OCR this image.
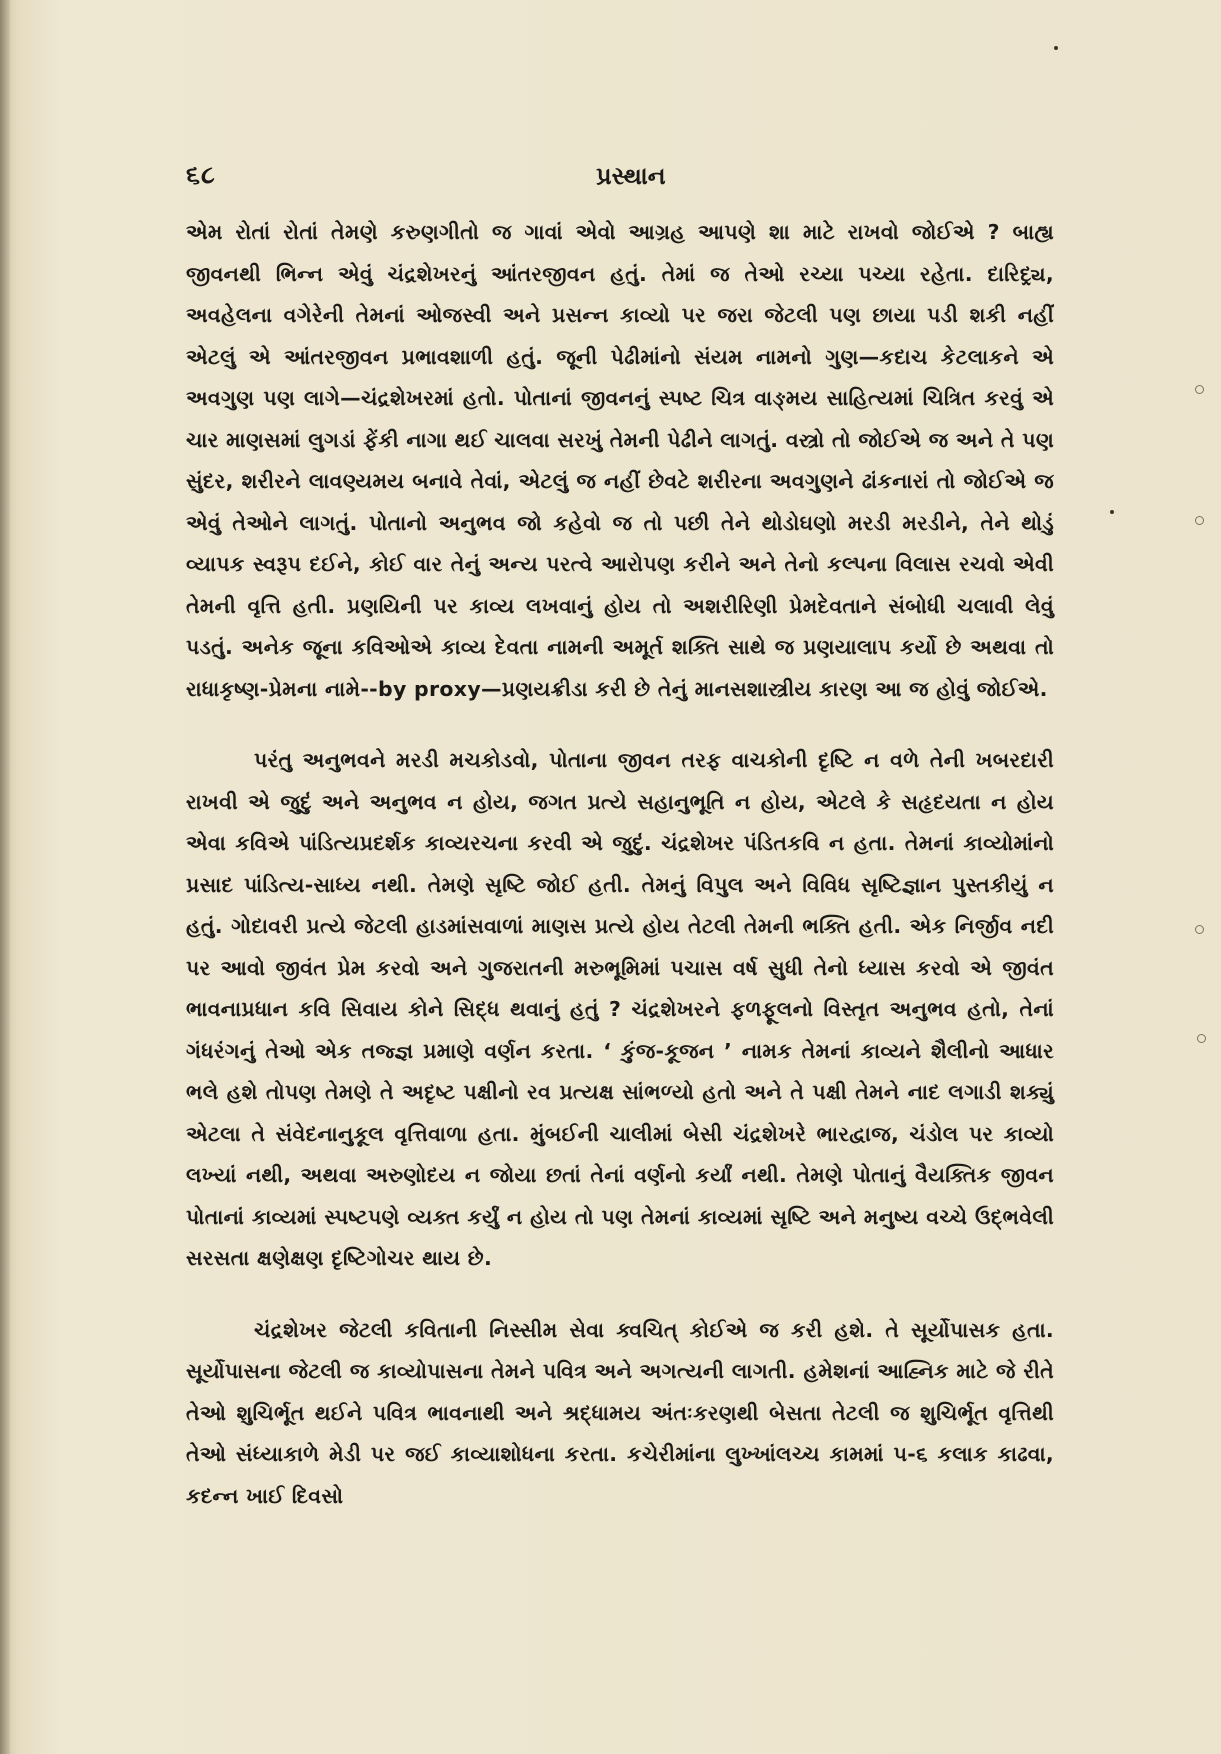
૬૮	પ્રસ્થાન

એમ રોતાં રોતાં તેમણે કરુણગીતો જ ગાવાં એવો આગ્રહ આપણે શા માટે રાખવો જોઈએ ? બાહ્ય જીવનથી ભિન્ન એવું ચંદ્રશેખરનું આંતરજીવન હતું. તેમાં જ તેઓ રચ્યા પચ્યા રહેતા. દારિદ્ર્ય, અવહેલના વગેરેની તેમનાં ઓજસ્વી અને પ્રસન્ન કાવ્યો પર જરા જેટલી પણ છાયા પડી શકી નહીં એટલું એ આંતરજીવન પ્રભાવશાળી હતું. જૂની પેઢીમાંનો સંયમ નામનો ગુણ—કદાચ કેટલાકને એ અવગુણ પણ લાગે—ચંદ્રશેખરમાં હતો. પોતાનાં જીવનનું સ્પષ્ટ ચિત્ર વાઙ્‌મય સાહિત્યમાં ચિત્રિત કરવું એ ચાર માણસમાં લુગડાં ફેંકી નાગા થઈ ચાલવા સરખું તેમની પેઢીને લાગતું. વસ્ત્રો તો જોઈએ જ અને તે પણ સુંદર, શરીરને લાવણ્યમય બનાવે તેવાં, એટલું જ નહીં છેવટે શરીરના અવગુણને ઢાંકનારાં તો જોઈએ જ એવું તેઓને લાગતું. પોતાનો અનુભવ જો કહેવો જ તો પછી તેને થોડોઘણો મરડી મરડીને, તેને થોડું વ્યાપક સ્વરૂપ દઈને, કોઈ વાર તેનું અન્ય પરત્વે આરોપણ કરીને અને તેનો કલ્પના વિલાસ રચવો એવી તેમની વૃત્તિ હતી. પ્રણયિની પર કાવ્ય લખવાનું હોય તો અશરીરિણી પ્રેમદેવતાને સંબોધી ચલાવી લેવું પડતું. અનેક જૂના કવિઓએ કાવ્ય દેવતા નામની અમૂર્ત શક્તિ સાથે જ પ્રણયાલાપ કર્યો છે અથવા તો રાધાકૃષ્ણ-પ્રેમના નામે--by proxy—પ્રણયક્રીડા કરી છે તેનું માનસશાસ્ત્રીય કારણ આ જ હોવું જોઈએ.

પરંતુ અનુભવને મરડી મચકોડવો, પોતાના જીવન તરફ વાચકોની દૃષ્ટિ ન વળે તેની ખબરદારી રાખવી એ જુદું અને અનુભવ ન હોય, જગત પ્રત્યે સહાનુભૂતિ ન હોય, એટલે કે સહૃદયતા ન હોય એવા કવિએ પાંડિત્યપ્રદર્શક કાવ્યરચના કરવી એ જુદું. ચંદ્રશેખર પંડિતકવિ ન હતા. તેમનાં કાવ્યોમાંનો પ્રસાદ પાંડિત્ય-સાધ્ય નથી. તેમણે સૃષ્ટિ જોઈ હતી. તેમનું વિપુલ અને વિવિધ સૃષ્ટિજ્ઞાન પુસ્તકીયું ન હતું. ગોદાવરી પ્રત્યે જેટલી હાડમાંસવાળાં માણસ પ્રત્યે હોય તેટલી તેમની ભક્તિ હતી. એક નિર્જીવ નદી પર આવો જીવંત પ્રેમ કરવો અને ગુજરાતની મરુભૂમિમાં પચાસ વર્ષ સુધી તેનો ધ્યાસ કરવો એ જીવંત ભાવનાપ્રધાન કવિ સિવાય કોને સિદ્ધ થવાનું હતું ? ચંદ્રશેખરને ફળફૂલનો વિસ્તૃત અનુભવ હતો, તેનાં ગંધરંગનું તેઓ એક તજ્જ્ઞ પ્રમાણે વર્ણન કરતા. ‘ કુંજ-કૂજન ’ નામક તેમનાં કાવ્યને શૈલીનો આધાર ભલે હશે તોપણ તેમણે તે અદૃષ્ટ પક્ષીનો રવ પ્રત્યક્ષ સાંભળ્યો હતો અને તે પક્ષી તેમને નાદ લગાડી શક્યું એટલા તે સંવેદનાનુકૂલ વૃત્તિવાળા હતા. મુંબઈની ચાલીમાં બેસી ચંદ્રશેખરે ભારદ્વાજ, ચંડોલ પર કાવ્યો લખ્યાં નથી, અથવા અરુણોદય ન જોયા છતાં તેનાં વર્ણનો કર્યાં નથી. તેમણે પોતાનું વૈયક્તિક જીવન પોતાનાં કાવ્યમાં સ્પષ્ટપણે વ્યક્ત કર્યું ન હોય તો પણ તેમનાં કાવ્યમાં સૃષ્ટિ અને મનુષ્ય વચ્ચે ઉદ્‌ભવેલી સરસતા ક્ષણેક્ષણ દૃષ્ટિગોચર થાય છે.

ચંદ્રશેખર જેટલી કવિતાની નિસ્સીમ સેવા ક્વચિત્ કોઈએ જ કરી હશે. તે સૂર્યોપાસક હતા. સૂર્યોપાસના જેટલી જ કાવ્યોપાસના તેમને પવિત્ર અને અગત્યની લાગતી. હમેશનાં આહ્નિક માટે જે રીતે તેઓ શુચિર્ભૂત થઈને પવિત્ર ભાવનાથી અને શ્રદ્ધામય અંતઃકરણથી બેસતા તેટલી જ શુચિર્ભૂત વૃત્તિથી તેઓ સંધ્યાકાળે મેડી પર જઈ કાવ્યાશોધના કરતા. કચેરીમાંના લુખ્ખાંલચ્ચ કામમાં ૫-૬ કલાક કાઢવા, કદન્ન ખાઈ દિવસો
